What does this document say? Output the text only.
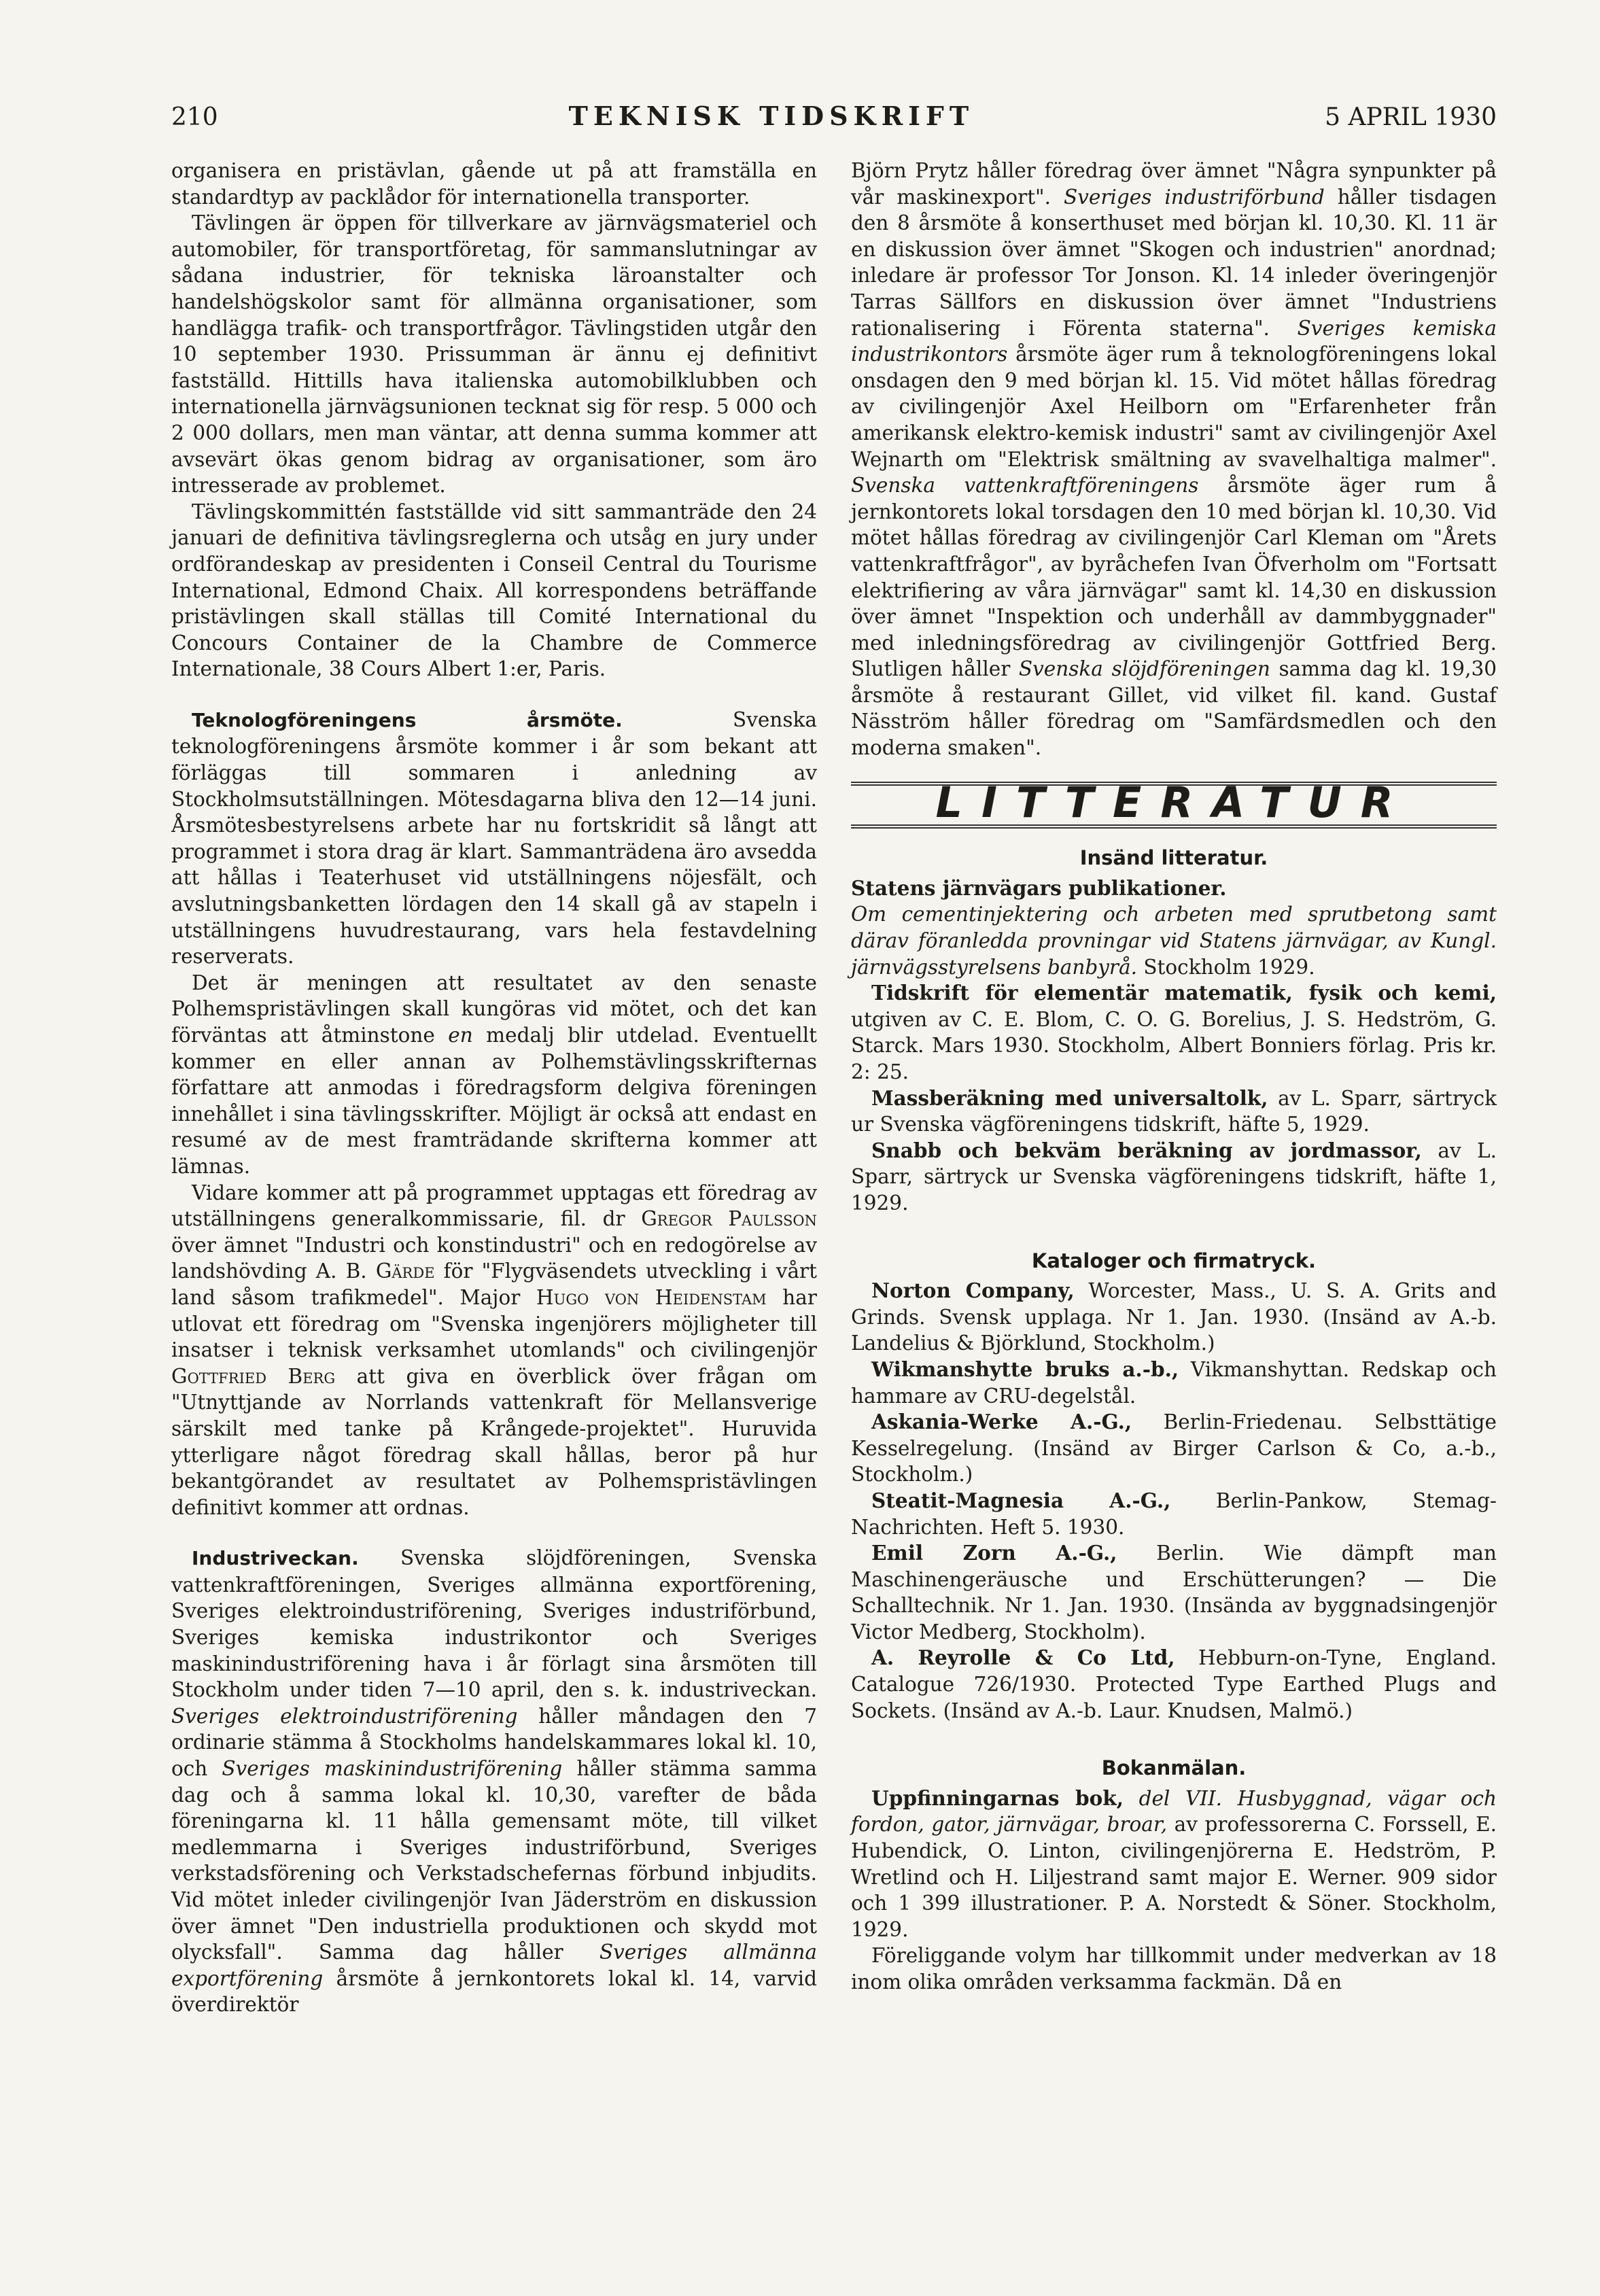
210	TEKNISK TIDSKRIFT	5 APRIL 1930

organisera en pristävlan, gående ut på att framställa en standardtyp av packlådor för internationella transporter.

Tävlingen är öppen för tillverkare av järnvägsmateriel och automobiler, för transportföretag, för sammanslutningar av sådana industrier, för tekniska läroanstalter och handelshögskolor samt för allmänna organisationer, som handlägga trafik- och transportfrågor. Tävlingstiden utgår den 10 september 1930. Prissumman är ännu ej definitivt fastställd. Hittills hava italienska automobilklubben och internationella järnvägsunionen tecknat sig för resp. 5 000 och 2 000 dollars, men man väntar, att denna summa kommer att avsevärt ökas genom bidrag av organisationer, som äro intresserade av problemet.

Tävlingskommittén fastställde vid sitt sammanträde den 24 januari de definitiva tävlingsreglerna och utsåg en jury under ordförandeskap av presidenten i Conseil Central du Tourisme International, Edmond Chaix. All korrespondens beträffande pristävlingen skall ställas till Comité International du Concours Container de la Chambre de Commerce Internationale, 38 Cours Albert 1:er, Paris.

Teknologföreningens årsmöte.	Svenska teknologföreningens årsmöte kommer i år som bekant att förläggas till sommaren i anledning av Stockholmsutställningen. Mötesdagarna bliva den 12—14 juni. Årsmötesbestyrelsens arbete har nu fortskridit så långt att programmet i stora drag är klart. Sammanträdena äro avsedda att hållas i Teaterhuset vid utställningens nöjesfält, och avslutningsbanketten lördagen den 14 skall gå av stapeln i utställningens huvudrestaurang, vars hela festavdelning reserverats.

Det är meningen att resultatet av den senaste Polhemspristävlingen skall kungöras vid mötet, och det kan förväntas att åtminstone en medalj blir utdelad. Eventuellt kommer en eller annan av Polhemstävlingsskrifternas författare att anmodas i föredragsform delgiva föreningen innehållet i sina tävlingsskrifter. Möjligt är också att endast en resumé av de mest framträdande skrifterna kommer att lämnas.

Vidare kommer att på programmet upptagas ett föredrag av utställningens generalkommissarie, fil. dr Gregor Paulsson över ämnet "Industri och konstindustri" och en redogörelse av landshövding A. B. Gärde för "Flygväsendets utveckling i vårt land såsom trafikmedel". Major Hugo von Heidenstam har utlovat ett föredrag om "Svenska ingenjörers möjligheter till insatser i teknisk verksamhet utomlands" och civilingenjör Gottfried Berg att giva en överblick över frågan om "Utnyttjande av Norrlands vattenkraft för Mellansverige särskilt med tanke på Krångede-projektet". Huruvida ytterligare något föredrag skall hållas, beror på hur bekantgörandet av resultatet av Polhemspristävlingen definitivt kommer att ordnas.

Industriveckan. Svenska slöjdföreningen, Svenska vattenkraftföreningen, Sveriges allmänna exportförening, Sveriges elektroindustriförening, Sveriges industriförbund, Sveriges kemiska industrikontor och Sveriges maskinindustriförening hava i år förlagt sina årsmöten till Stockholm under tiden 7—10 april, den s. k. industriveckan. Sveriges elektroindustriförening håller måndagen den 7 ordinarie stämma å Stockholms handelskammares lokal kl. 10, och Sveriges maskinindustriförening håller stämma samma dag och å samma lokal kl. 10,30, varefter de båda föreningarna kl. 11 hålla gemensamt möte, till vilket medlemmarna i Sveriges industriförbund, Sveriges verkstadsförening och Verkstadschefernas förbund inbjudits. Vid mötet inleder civilingenjör Ivan Jäderström en diskussion över ämnet "Den industriella produktionen och skydd mot olycksfall". Samma dag håller Sveriges allmänna exportförening årsmöte å jernkontorets lokal kl. 14, varvid överdirektör

Björn Prytz håller föredrag över ämnet "Några synpunkter på vår maskinexport". Sveriges industriförbund håller tisdagen den 8 årsmöte å konserthuset med början kl. 10,30. Kl. 11 är en diskussion över ämnet "Skogen och industrien" anordnad; inledare är professor Tor Jonson. Kl. 14 inleder överingenjör Tarras Sällfors en diskussion över ämnet "Industriens rationalisering i Förenta staterna". Sveriges kemiska industrikontors årsmöte äger rum å teknologföreningens lokal onsdagen den 9 med början kl. 15. Vid mötet hållas föredrag av civilingenjör Axel Heilborn om "Erfarenheter från amerikansk elektro-kemisk industri" samt av civilingenjör Axel Wejnarth om "Elektrisk smältning av svavelhaltiga malmer". Svenska vattenkraftföreningens årsmöte äger rum å jernkontorets lokal torsdagen den 10 med början kl. 10,30. Vid mötet hållas föredrag av civilingenjör Carl Kleman om "Årets vattenkraftfrågor", av byråchefen Ivan Öfverholm om "Fortsatt elektrifiering av våra järnvägar" samt kl. 14,30 en diskussion över ämnet "Inspektion och underhåll av dammbyggnader" med inledningsföredrag av civilingenjör Gottfried Berg. Slutligen håller Svenska slöjdföreningen samma dag kl. 19,30 årsmöte å restaurant Gillet, vid vilket fil. kand. Gustaf Näsström håller föredrag om "Samfärdsmedlen och den moderna smaken".

LITTERATUR
Insänd litteratur.

Statens järnvägars publikationer.

Om cementinjektering och arbeten med sprutbetong samt därav föranledda provningar vid Statens järnvägar, av Kungl. järnvägsstyrelsens banbyrå. Stockholm 1929.

Tidskrift för elementär matematik, fysik och kemi, utgiven av C. E. Blom, C. O. G. Borelius, J. S. Hedström, G. Starck. Mars 1930. Stockholm, Albert Bonniers förlag. Pris kr. 2: 25.

Massberäkning med universaltolk, av L. Sparr, särtryck ur Svenska vägföreningens tidskrift, häfte 5, 1929.

Snabb och bekväm beräkning av jordmassor, av L. Sparr, särtryck ur Svenska vägföreningens tidskrift, häfte 1, 1929.

Kataloger och firmatryck.

Norton Company, Worcester, Mass., U. S. A. Grits and Grinds. Svensk upplaga. Nr 1. Jan. 1930. (Insänd av A.-b. Landelius & Björklund, Stockholm.)

Wikmanshytte bruks a.-b., Vikmanshyttan. Redskap och hammare av CRU-degelstål.

Askania-Werke A.-G., Berlin-Friedenau. Selbsttätige Kesselregelung. (Insänd av Birger Carlson & Co, a.-b., Stockholm.)

Steatit-Magnesia A.-G., Berlin-Pankow, Stemag-Nachrichten. Heft 5. 1930.

Emil Zorn A.-G., Berlin. Wie dämpft man Maschinengeräusche und Erschütterungen? — Die Schalltechnik. Nr 1. Jan. 1930. (Insända av byggnadsingenjör Victor Medberg, Stockholm).

A. Reyrolle & Co Ltd, Hebburn-on-Tyne, England. Catalogue 726/1930. Protected Type Earthed Plugs and Sockets. (Insänd av A.-b. Laur. Knudsen, Malmö.)

Bokanmälan.

Uppfinningarnas bok, del VII. Husbyggnad, vägar och fordon, gator, järnvägar, broar, av professorerna C. Forssell, E. Hubendick, O. Linton, civilingenjörerna E. Hedström, P. Wretlind och H. Liljestrand samt major E. Werner. 909 sidor och 1 399 illustrationer. P. A. Norstedt & Söner. Stockholm, 1929.

Föreliggande volym har tillkommit under medverkan av 18 inom olika områden verksamma fackmän. Då en
